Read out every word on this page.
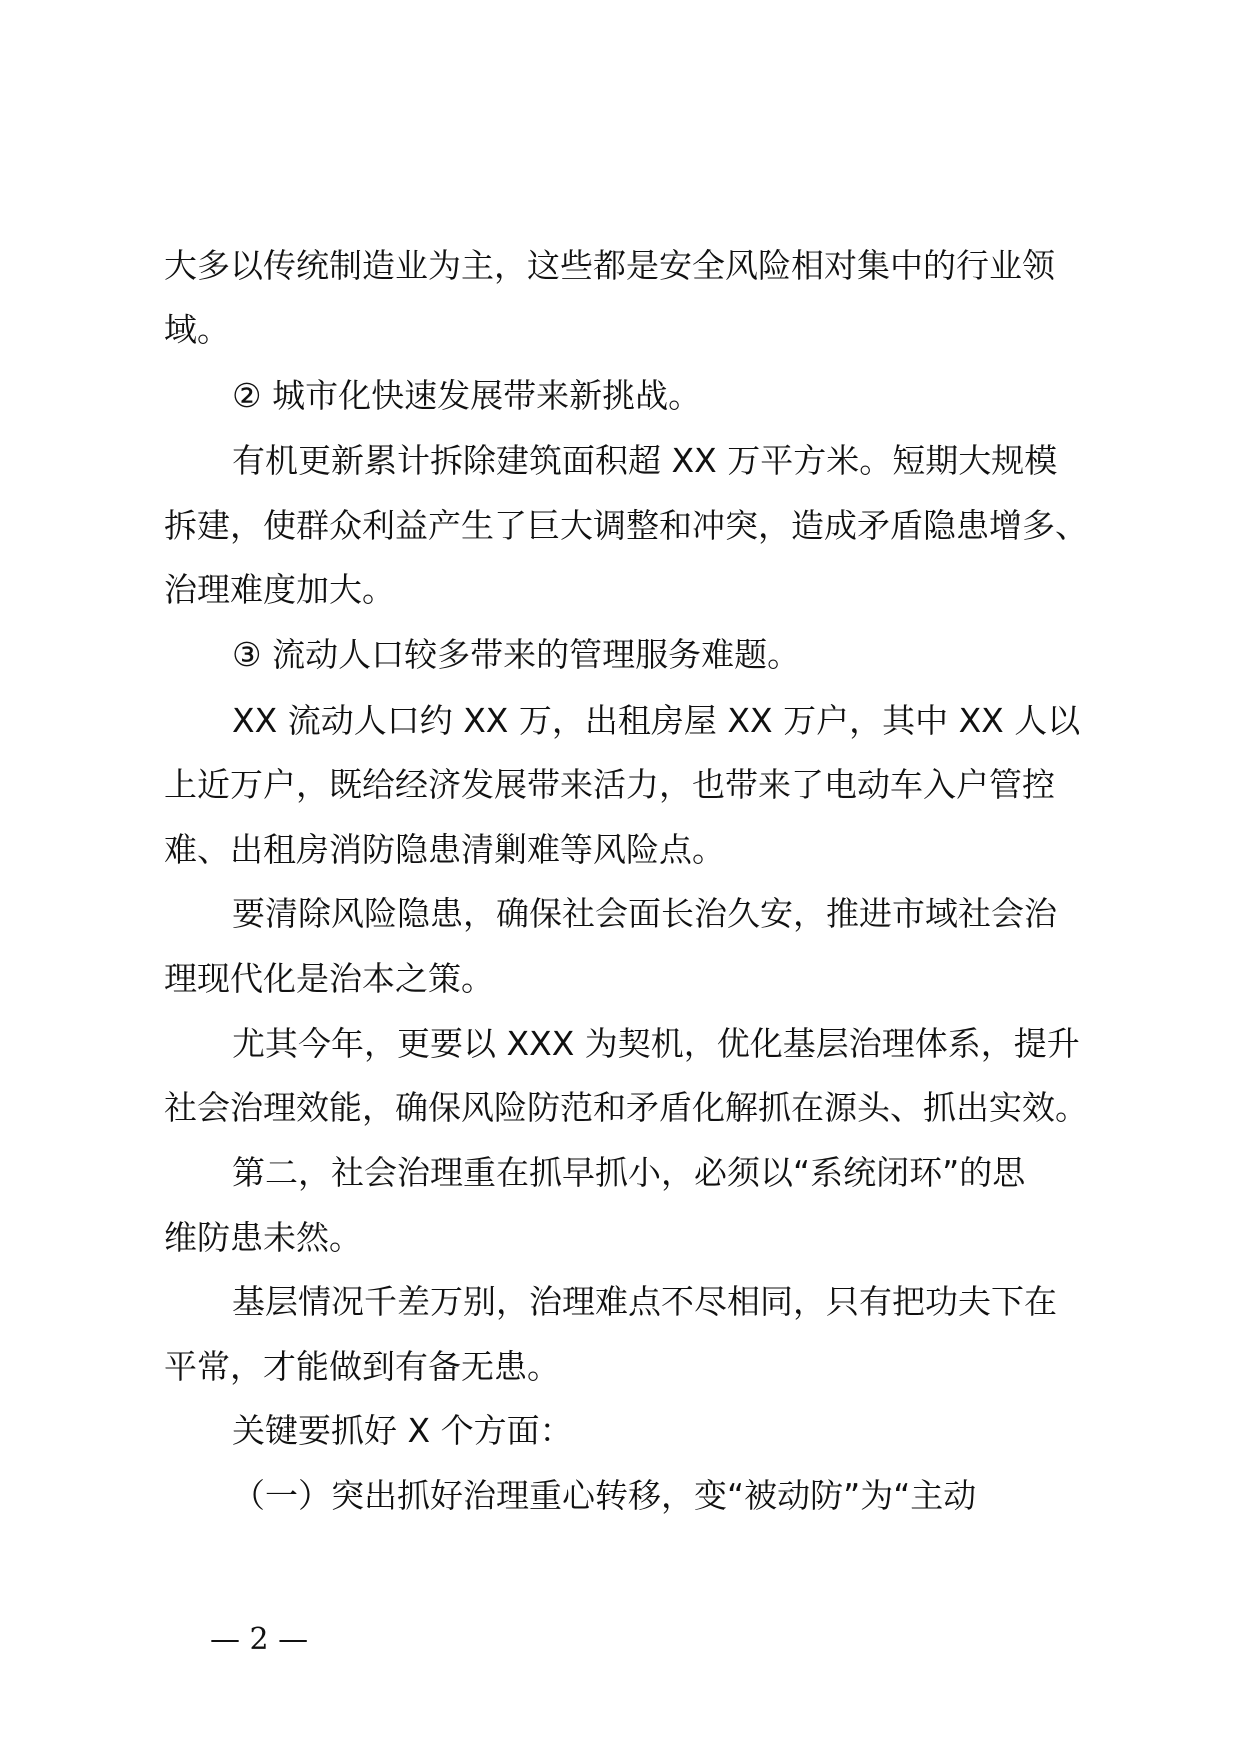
大多以传统制造业为主，这些都是安全风险相对集中的行业领
域。
② 城市化快速发展带来新挑战。
有机更新累计拆除建筑面积超 XX 万平方米。短期大规模
拆建，使群众利益产生了巨大调整和冲突，造成矛盾隐患增多、
治理难度加大。
③ 流动人口较多带来的管理服务难题。
XX 流动人口约 XX 万，出租房屋 XX 万户，其中 XX 人以
上近万户，既给经济发展带来活力，也带来了电动车入户管控
难、出租房消防隐患清剿难等风险点。
要清除风险隐患，确保社会面长治久安，推进市域社会治
理现代化是治本之策。
尤其今年，更要以 XXX 为契机，优化基层治理体系，提升
社会治理效能，确保风险防范和矛盾化解抓在源头、抓出实效。
第二，社会治理重在抓早抓小，必须以“系统闭环”的思
维防患未然。
基层情况千差万别，治理难点不尽相同，只有把功夫下在
平常，才能做到有备无患。
关键要抓好 X 个方面：
（一）突出抓好治理重心转移，变“被动防”为“主动
— 2 —
